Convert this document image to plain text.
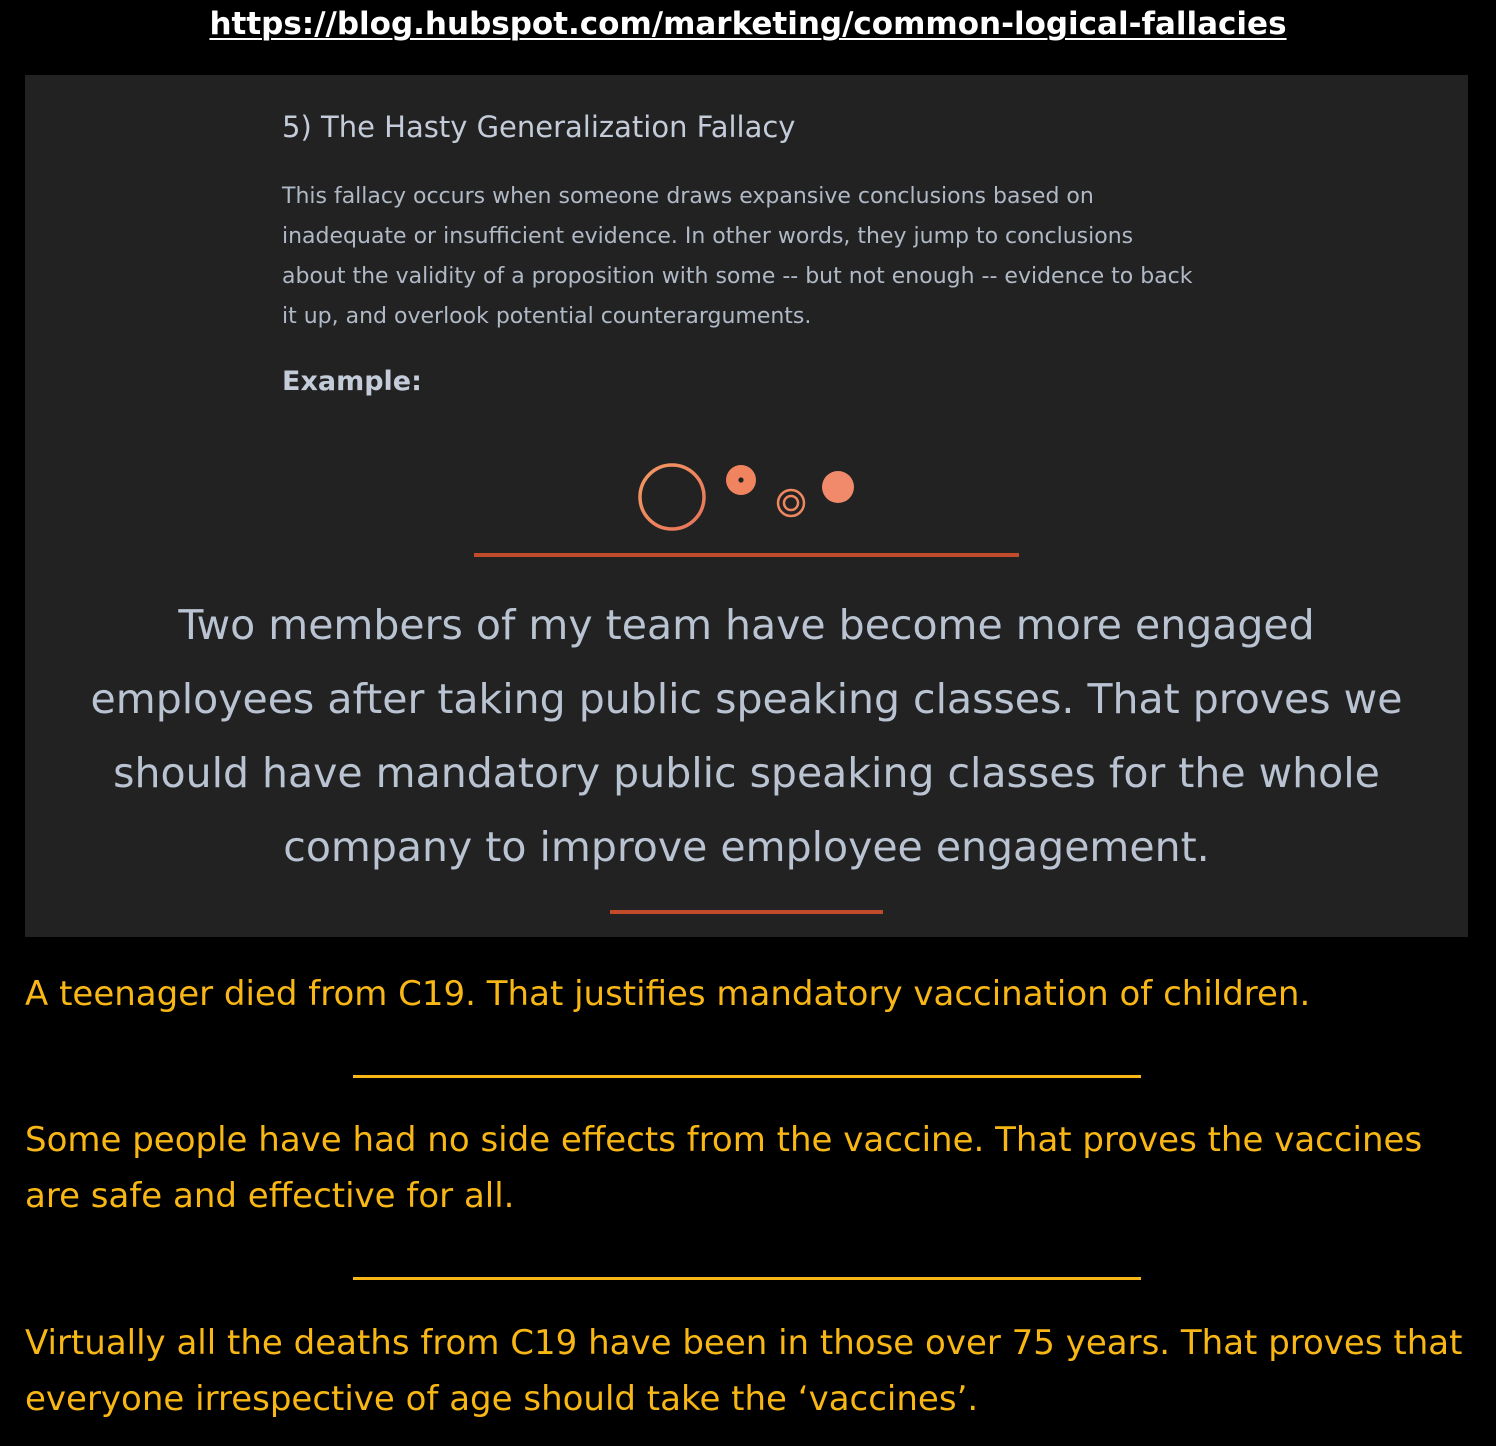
https://blog.hubspot.com/marketing/common-logical-fallacies
5) The Hasty Generalization Fallacy
This fallacy occurs when someone draws expansive conclusions based on inadequate or insufficient evidence. In other words, they jump to conclusions about the validity of a proposition with some -- but not enough -- evidence to back it up, and overlook potential counterarguments.
Example:
Two members of my team have become more engaged employees after taking public speaking classes. That proves we should have mandatory public speaking classes for the whole company to improve employee engagement.
A teenager died from C19. That justifies mandatory vaccination of children.
Some people have had no side effects from the vaccine. That proves the vaccines are safe and effective for all.
Virtually all the deaths from C19 have been in those over 75 years. That proves that everyone irrespective of age should take the ‘vaccines’.
